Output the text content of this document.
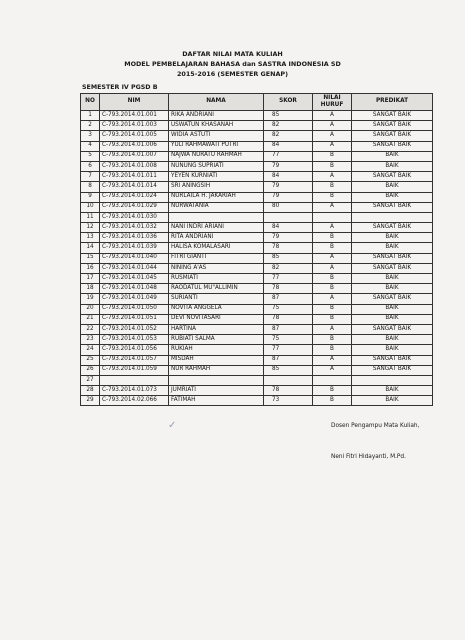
DAFTAR NILAI MATA KULIAH
MODEL PEMBELAJARAN BAHASA dan SASTRA INDONESIA SD
2015-2016 (SEMESTER GENAP)
SEMESTER IV PGSD B
NO	NIM	NAMA	SKOR	NILAI HURUF	PREDIKAT
1	C-793.2014.01.001	RIKA ANDRIANI	85	A	SANGAT BAIK
2	C-793.2014.01.003	USWATUN KHASANAH	82	A	SANGAT BAIK
3	C-793.2014.01.005	WIDIA ASTUTI	82	A	SANGAT BAIK
4	C-793.2014.01.006	YULI RAHMAWATI PUTRI	84	A	SANGAT BAIK
5	C-793.2014.01.007	NAJWA NURATU RAHMAH	77	B	BAIK
6	C-793.2014.01.008	NUNUNG SUPRIATI	79	B	BAIK
7	C-793.2014.01.011	YEYEN KURNIATI	84	A	SANGAT BAIK
8	C-793.2014.01.014	SRI ANINGSIH	79	B	BAIK
9	C-793.2014.01.024	NURLAILA H. JAKARIAH	79	B	BAIK
10	C-793.2014.01.029	NURWATANIA	80	A	SANGAT BAIK
11	C-793.2014.01.030				
12	C-793.2014.01.032	NANI INDRI ARIANI	84	A	SANGAT BAIK
13	C-793.2014.01.036	RITA ANDRIANI	79	B	BAIK
14	C-793.2014.01.039	HALISA KOMALASARI	78	B	BAIK
15	C-793.2014.01.040	FITRI GIANTI	85	A	SANGAT BAIK
16	C-793.2014.01.044	NINING A'AS	82	A	SANGAT BAIK
17	C-793.2014.01.045	RUSMIATI	77	B	BAIK
18	C-793.2014.01.048	RAODATUL MU"ALLIMIN	78	B	BAIK
19	C-793.2014.01.049	SURIANTI	87	A	SANGAT BAIK
20	C-793.2014.01.050	NOVITA ANGGELA	75	B	BAIK
21	C-793.2014.01.051	DEVI NOVITASARI	78	B	BAIK
22	C-793.2014.01.052	HARTINA	87	A	SANGAT BAIK
23	C-793.2014.01.053	RUBIATI SALMA	75	B	BAIK
24	C-793.2014.01.056	RUKIAH	77	B	BAIK
25	C-793.2014.01.057	MISDAH	87	A	SANGAT BAIK
26	C-793.2014.01.059	NUR RAHMAH	85	A	SANGAT BAIK
27					
28	C-793.2014.01.073	JUMRIATI	78	B	BAIK
29	C-793.2014.02.066	FATIMAH	73	B	BAIK
Dosen Pengampu Mata Kuliah,
Neni Fitri Hidayanti, M.Pd.
✓
